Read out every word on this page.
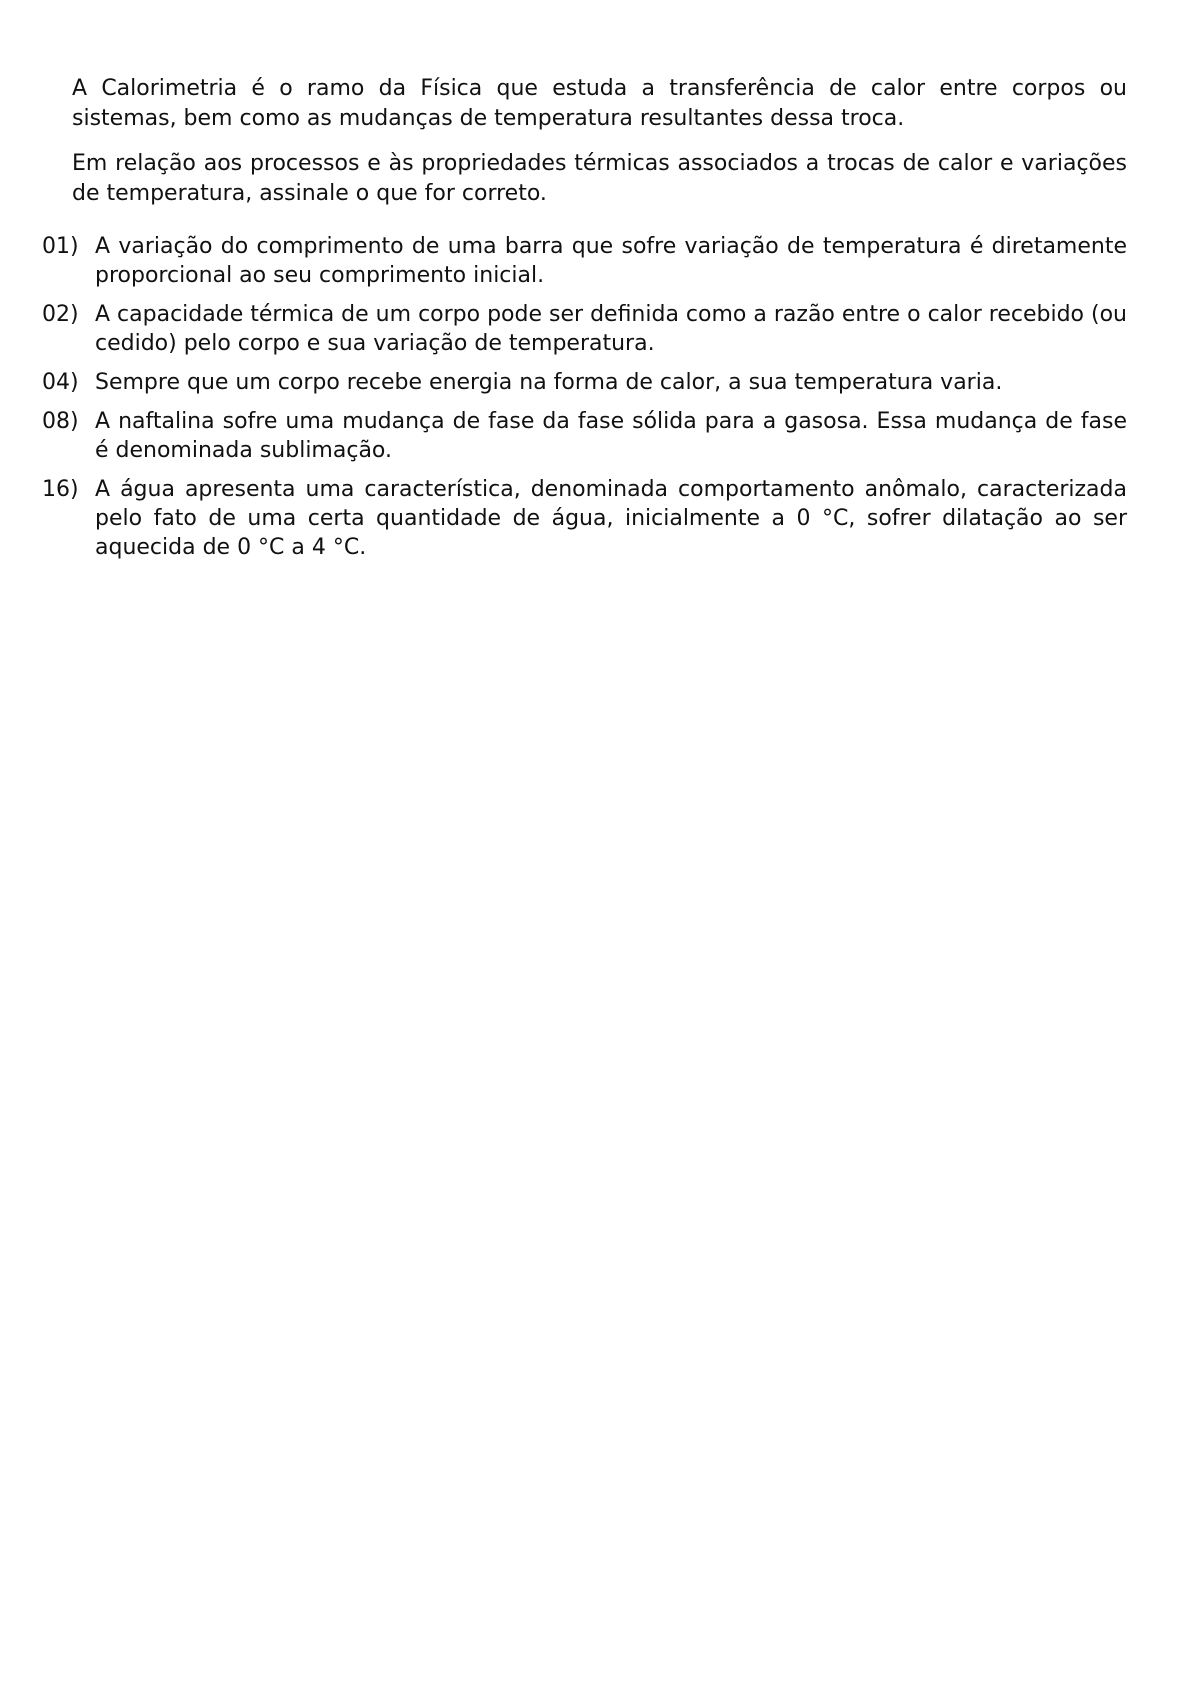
A Calorimetria é o ramo da Física que estuda a transferência de calor entre corpos ou sistemas, bem como as mudanças de temperatura resultantes dessa troca.

Em relação aos processos e às propriedades térmicas associados a trocas de calor e variações de temperatura, assinale o que for correto.

01) A variação do comprimento de uma barra que sofre variação de temperatura é diretamente proporcional ao seu comprimento inicial.
02) A capacidade térmica de um corpo pode ser definida como a razão entre o calor recebido (ou cedido) pelo corpo e sua variação de temperatura.
04) Sempre que um corpo recebe energia na forma de calor, a sua temperatura varia.
08) A naftalina sofre uma mudança de fase da fase sólida para a gasosa. Essa mudança de fase é denominada sublimação.
16) A água apresenta uma característica, denominada comportamento anômalo, caracterizada pelo fato de uma certa quantidade de água, inicialmente a 0 °C, sofrer dilatação ao ser aquecida de 0 °C a 4 °C.
